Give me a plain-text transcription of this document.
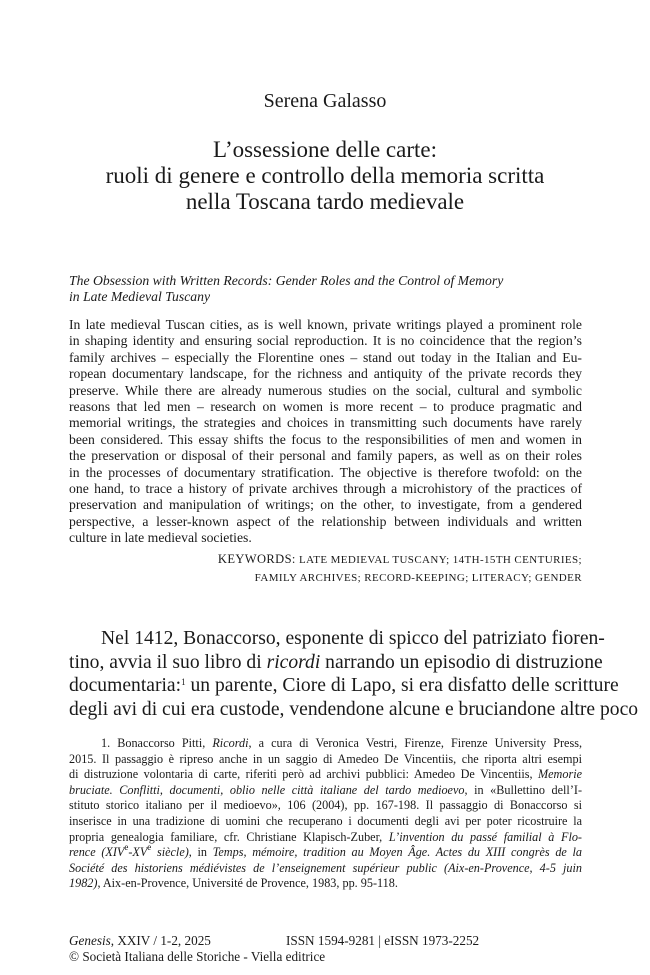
Serena Galasso
L’ossessione delle carte:
ruoli di genere e controllo della memoria scritta
nella Toscana tardo medievale
The Obsession with Written Records: Gender Roles and the Control of Memory
in Late Medieval Tuscany
In late medieval Tuscan cities, as is well known, private writings played a prominent role
in shaping identity and ensuring social reproduction. It is no coincidence that the region’s
family archives – especially the Florentine ones – stand out today in the Italian and Eu-
ropean documentary landscape, for the richness and antiquity of the private records they
preserve. While there are already numerous studies on the social, cultural and symbolic
reasons that led men – research on women is more recent – to produce pragmatic and
memorial writings, the strategies and choices in transmitting such documents have rarely
been considered. This essay shifts the focus to the responsibilities of men and women in
the preservation or disposal of their personal and family papers, as well as on their roles
in the processes of documentary stratification. The objective is therefore twofold: on the
one hand, to trace a history of private archives through a microhistory of the practices of
preservation and manipulation of writings; on the other, to investigate, from a gendered
perspective, a lesser-known aspect of the relationship between individuals and written
culture in late medieval societies.
KEYWORDS: LATE MEDIEVAL TUSCANY; 14TH-15TH CENTURIES;
FAMILY ARCHIVES; RECORD-KEEPING; LITERACY; GENDER
Nel 1412, Bonaccorso, esponente di spicco del patriziato fioren-
tino, avvia il suo libro di ricordi narrando un episodio di distruzione
documentaria:$^1$ un parente, Ciore di Lapo, si era disfatto delle scritture
degli avi di cui era custode, vendendone alcune e bruciandone altre poco
1. Bonaccorso Pitti, Ricordi, a cura di Veronica Vestri, Firenze, Firenze University Press,
2015. Il passaggio è ripreso anche in un saggio di Amedeo De Vincentiis, che riporta altri esempi
di distruzione volontaria di carte, riferiti però ad archivi pubblici: Amedeo De Vincentiis, Memorie
bruciate. Conflitti, documenti, oblio nelle città italiane del tardo medioevo, in «Bullettino dell’I-
stituto storico italiano per il medioevo», 106 (2004), pp. 167-198. Il passaggio di Bonaccorso si
inserisce in una tradizione di uomini che recuperano i documenti degli avi per poter ricostruire la
propria genealogia familiare, cfr. Christiane Klapisch-Zuber, L’invention du passé familial à Flo-
rence (XIVe-XVe siècle), in Temps, mémoire, tradition au Moyen Âge. Actes du XIII congrès de la
Société des historiens médiévistes de l’enseignement supérieur public (Aix-en-Provence, 4-5 juin
1982), Aix-en-Provence, Université de Provence, 1983, pp. 95-118.
Genesis, XXIV / 1-2, 2025	ISSN 1594-9281 | eISSN 1973-2252
© Società Italiana delle Storiche - Viella editrice
